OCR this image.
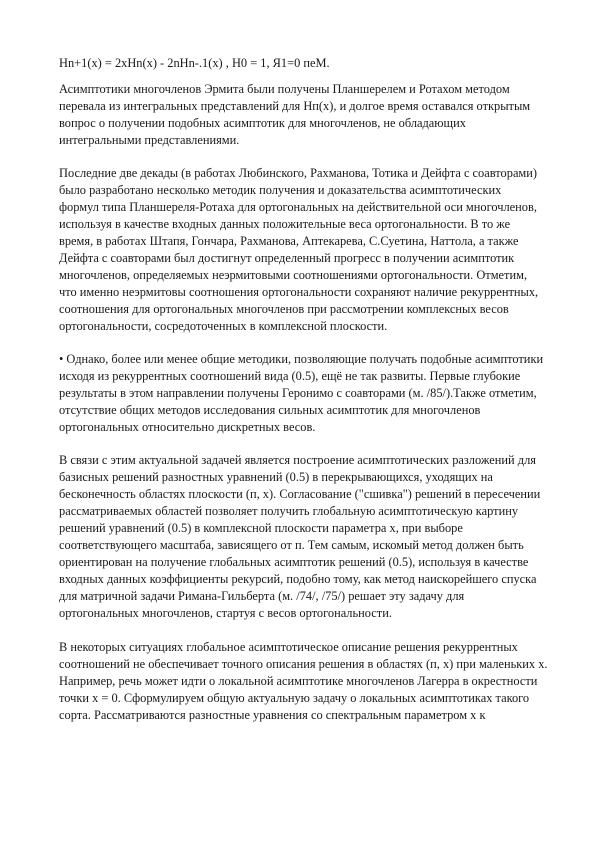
Hn+1(x) = 2xHn(x) - 2nHn-.1(x) , H0 = 1, Я1=0 пеМ.
Асимптотики многочленов Эрмита были получены Планшерелем и Ротахом методом
перевала из интегральных представлений для Нп(х), и долгое время оставался открытым
вопрос о получении подобных асимптотик для многочленов, не обладающих
интегральными представлениями.
Последние две декады (в работах Любинского, Рахманова, Тотика и Дейфта с соавторами)
было разработано несколько методик получения и доказательства асимптотических
формул типа Планшереля-Ротаха для ортогональных на действительной оси многочленов,
используя в качестве входных данных положительные веса ортогональности. В то же
время, в работах Штапя, Гончара, Рахманова, Аптекарева, С.Суетина, Наттола, а также
Дейфта с соавторами был достигнут определенный прогресс в получении асимптотик
многочленов, определяемых неэрмитовыми соотношениями ортогональности. Отметим,
что именно неэрмитовы соотношения ортогональности сохраняют наличие рекуррентных,
соотношения для ортогональных многочленов при рассмотрении комплексных весов
ортогональности, сосредоточенных в комплексной плоскости.
• Однако, более или менее общие методики, позволяющие получать подобные асимптотики
исходя из рекуррентных соотношений вида (0.5), ещё не так развиты. Первые глубокие
результаты в этом направлении получены Геронимо с соавторами (м. /85/).Также отметим,
отсутствие общих методов исследования сильных асимптотик для многочленов
ортогональных относительно дискретных весов.
В связи с этим актуальной задачей является построение асимптотических разложений для
базисных решений разностных уравнений (0.5) в перекрывающихся, уходящих на
бесконечность областях плоскости (п, х). Согласование ("сшивка") решений в пересечении
рассматриваемых областей позволяет получить глобальную асимптотическую картину
решений уравнений (0.5) в комплексной плоскости параметра х, при выборе
соответствующего масштаба, зависящего от п. Тем самым, искомый метод должен быть
ориентирован на получение глобальных асимптотик решений (0.5), используя в качестве
входных данных коэффициенты рекурсий, подобно тому, как метод наискорейшего спуска
для матричной задачи Римана-Гильберта (м. /74/, /75/) решает эту задачу для
ортогональных многочленов, стартуя с весов ортогональности.
В некоторых ситуациях глобальное асимптотическое описание решения рекуррентных
соотношений не обеспечивает точного описания решения в областях (п, х) при маленьких х.
Например, речь может идти о локальной асимптотике многочленов Лагерра в окрестности
точки х = 0. Сформулируем общую актуальную задачу о локальных асимптотиках такого
сорта. Рассматриваются разностные уравнения со спектральным параметром х к
